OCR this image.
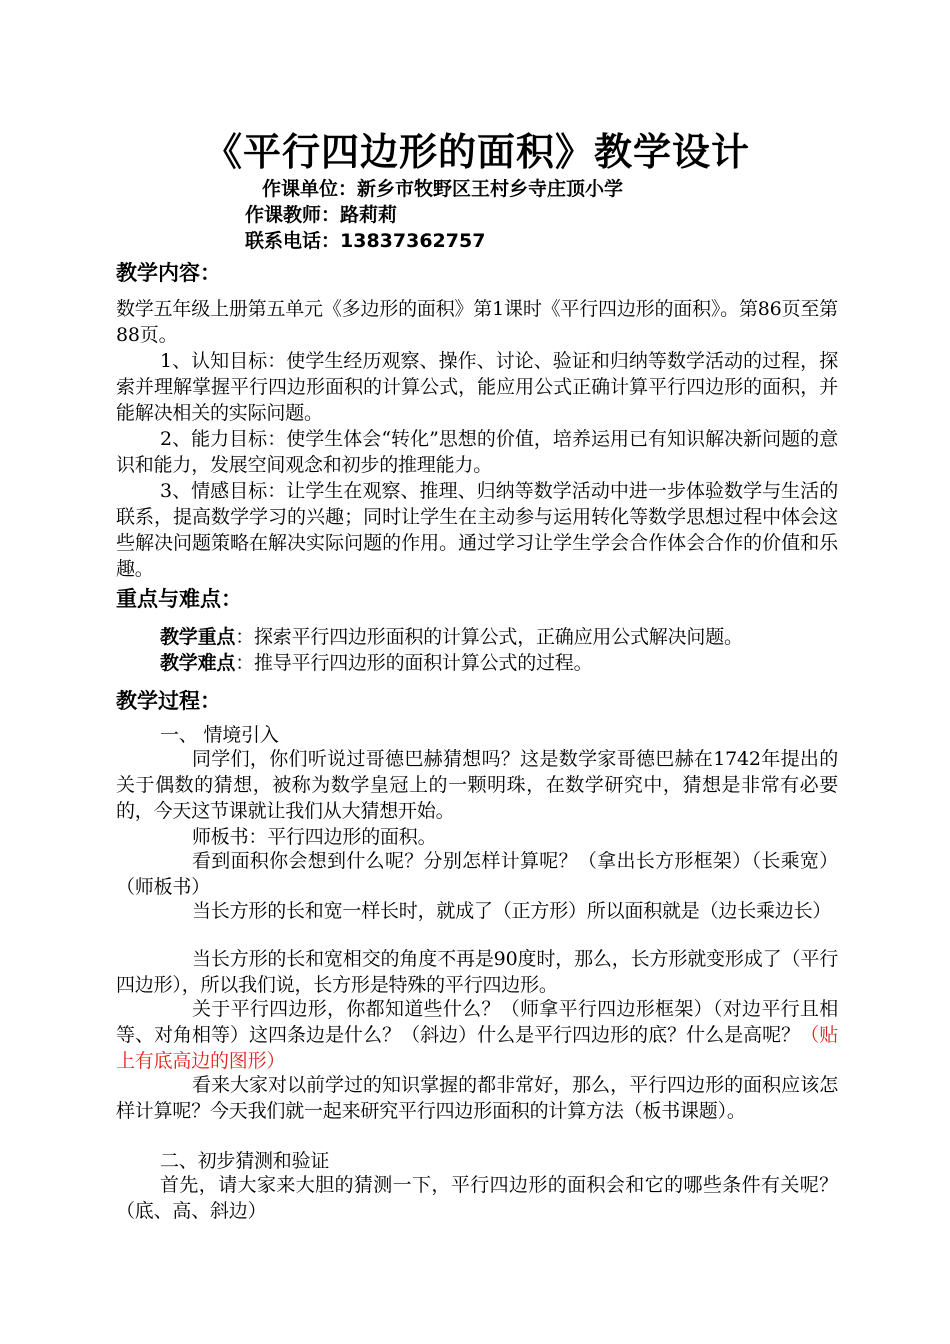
《平行四边形的面积》教学设计
作课单位：新乡市牧野区王村乡寺庄顶小学
作课教师：路莉莉
联系电话：13837362757
教学内容：
数学五年级上册第五单元《多边形的面积》第1课时《平行四边形的面积》。第86页至第88页。
1、认知目标：使学生经历观察、操作、讨论、验证和归纳等数学活动的过程，探索并理解掌握平行四边形面积的计算公式，能应用公式正确计算平行四边形的面积，并能解决相关的实际问题。
2、能力目标：使学生体会“转化”思想的价值，培养运用已有知识解决新问题的意识和能力，发展空间观念和初步的推理能力。
3、情感目标：让学生在观察、推理、归纳等数学活动中进一步体验数学与生活的联系，提高数学学习的兴趣；同时让学生在主动参与运用转化等数学思想过程中体会这些解决问题策略在解决实际问题的作用。通过学习让学生学会合作体会合作的价值和乐趣。
重点与难点：
教学重点：探索平行四边形面积的计算公式，正确应用公式解决问题。
教学难点：推导平行四边形的面积计算公式的过程。
教学过程：
一、 情境引入
同学们，你们听说过哥德巴赫猜想吗？这是数学家哥德巴赫在1742年提出的关于偶数的猜想，被称为数学皇冠上的一颗明珠，在数学研究中，猜想是非常有必要的，今天这节课就让我们从大猜想开始。
师板书：平行四边形的面积。
看到面积你会想到什么呢？分别怎样计算呢？（拿出长方形框架）（长乘宽）（师板书）
当长方形的长和宽一样长时，就成了（正方形）所以面积就是（边长乘边长）
当长方形的长和宽相交的角度不再是90度时，那么，长方形就变形成了（平行四边形），所以我们说，长方形是特殊的平行四边形。
关于平行四边形，你都知道些什么？（师拿平行四边形框架）（对边平行且相等、对角相等）这四条边是什么？（斜边）什么是平行四边形的底？什么是高呢？（贴上有底高边的图形）
看来大家对以前学过的知识掌握的都非常好，那么，平行四边形的面积应该怎样计算呢？今天我们就一起来研究平行四边形面积的计算方法（板书课题）。
二、初步猜测和验证
首先，请大家来大胆的猜测一下，平行四边形的面积会和它的哪些条件有关呢？（底、高、斜边）
